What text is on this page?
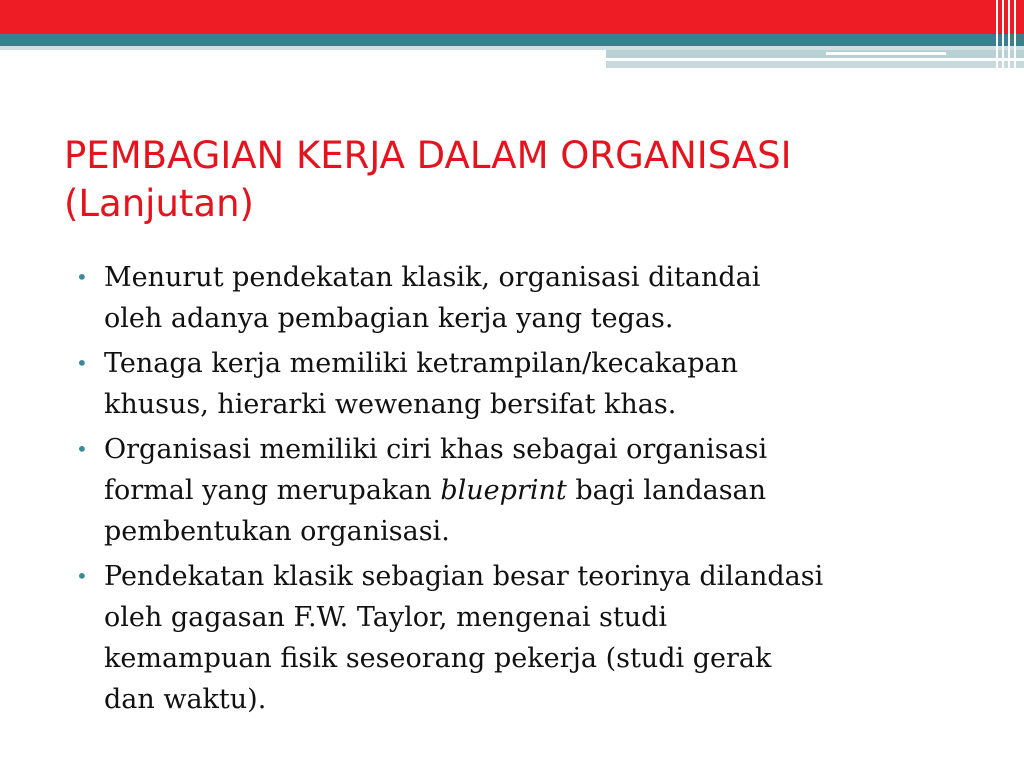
PEMBAGIAN KERJA DALAM ORGANISASI
(Lanjutan)
• Menurut pendekatan klasik, organisasi ditandai
oleh adanya pembagian kerja yang tegas.
• Tenaga kerja memiliki ketrampilan/kecakapan
khusus, hierarki wewenang bersifat khas.
• Organisasi memiliki ciri khas sebagai organisasi
formal yang merupakan blueprint bagi landasan
pembentukan organisasi.
• Pendekatan klasik sebagian besar teorinya dilandasi
oleh gagasan F.W. Taylor, mengenai studi
kemampuan fisik seseorang pekerja (studi gerak
dan waktu).
